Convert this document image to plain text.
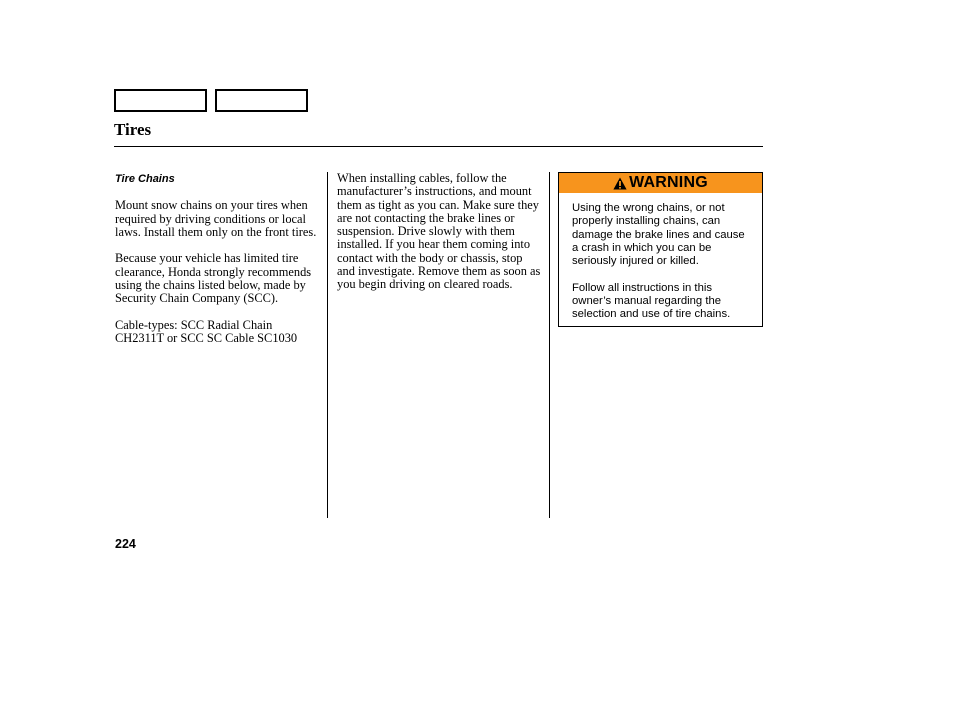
Tires

Tire Chains

Mount snow chains on your tires when required by driving conditions or local laws. Install them only on the front tires.

Because your vehicle has limited tire clearance, Honda strongly recommends using the chains listed below, made by Security Chain Company (SCC).

Cable-types: SCC Radial Chain CH2311T or SCC SC Cable SC1030

When installing cables, follow the manufacturer’s instructions, and mount them as tight as you can. Make sure they are not contacting the brake lines or suspension. Drive slowly with them installed. If you hear them coming into contact with the body or chassis, stop and investigate. Remove them as soon as you begin driving on cleared roads.

WARNING

Using the wrong chains, or not properly installing chains, can damage the brake lines and cause a crash in which you can be seriously injured or killed.

Follow all instructions in this owner’s manual regarding the selection and use of tire chains.

224
